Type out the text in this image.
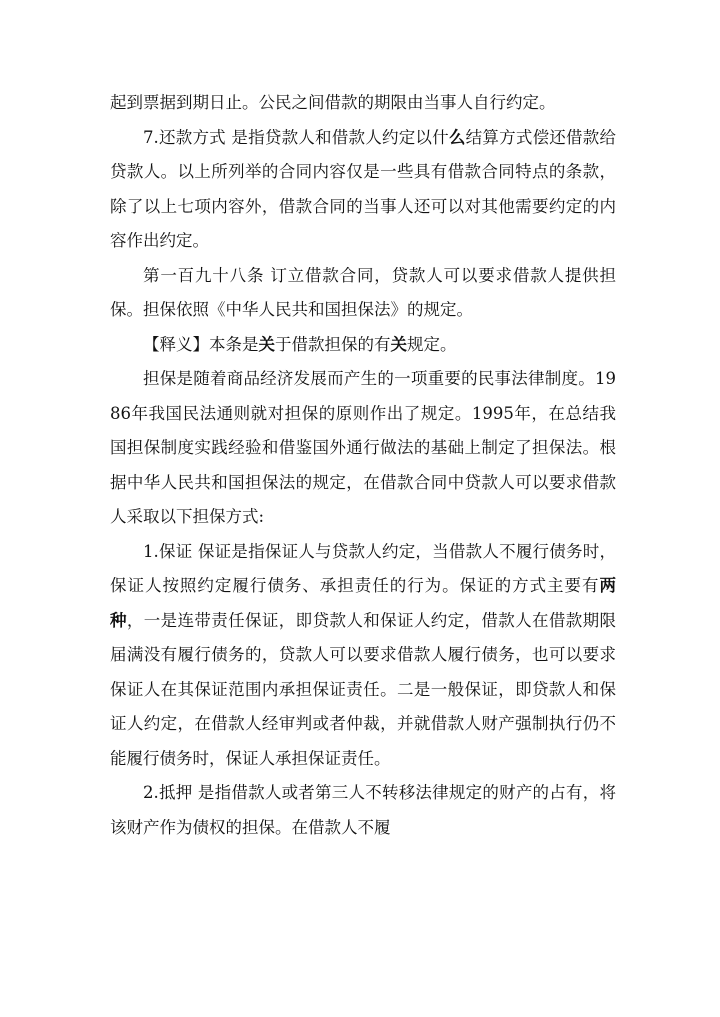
起到票据到期日止。公民之间借款的期限由当事人自行约定。

7.还款方式 是指贷款人和借款人约定以什么结算方式偿还借款给贷款人。以上所列举的合同内容仅是一些具有借款合同特点的条款，除了以上七项内容外，借款合同的当事人还可以对其他需要约定的内容作出约定。

第一百九十八条 订立借款合同，贷款人可以要求借款人提供担保。担保依照《中华人民共和国担保法》的规定。

【释义】本条是关于借款担保的有关规定。

担保是随着商品经济发展而产生的一项重要的民事法律制度。1986年我国民法通则就对担保的原则作出了规定。1995年，在总结我国担保制度实践经验和借鉴国外通行做法的基础上制定了担保法。根据中华人民共和国担保法的规定，在借款合同中贷款人可以要求借款人采取以下担保方式:

1.保证 保证是指保证人与贷款人约定，当借款人不履行债务时，保证人按照约定履行债务、承担责任的行为。保证的方式主要有两种，一是连带责任保证，即贷款人和保证人约定，借款人在借款期限届满没有履行债务的，贷款人可以要求借款人履行债务，也可以要求保证人在其保证范围内承担保证责任。二是一般保证，即贷款人和保证人约定，在借款人经审判或者仲裁，并就借款人财产强制执行仍不能履行债务时，保证人承担保证责任。

2.抵押 是指借款人或者第三人不转移法律规定的财产的占有，将该财产作为债权的担保。在借款人不履
